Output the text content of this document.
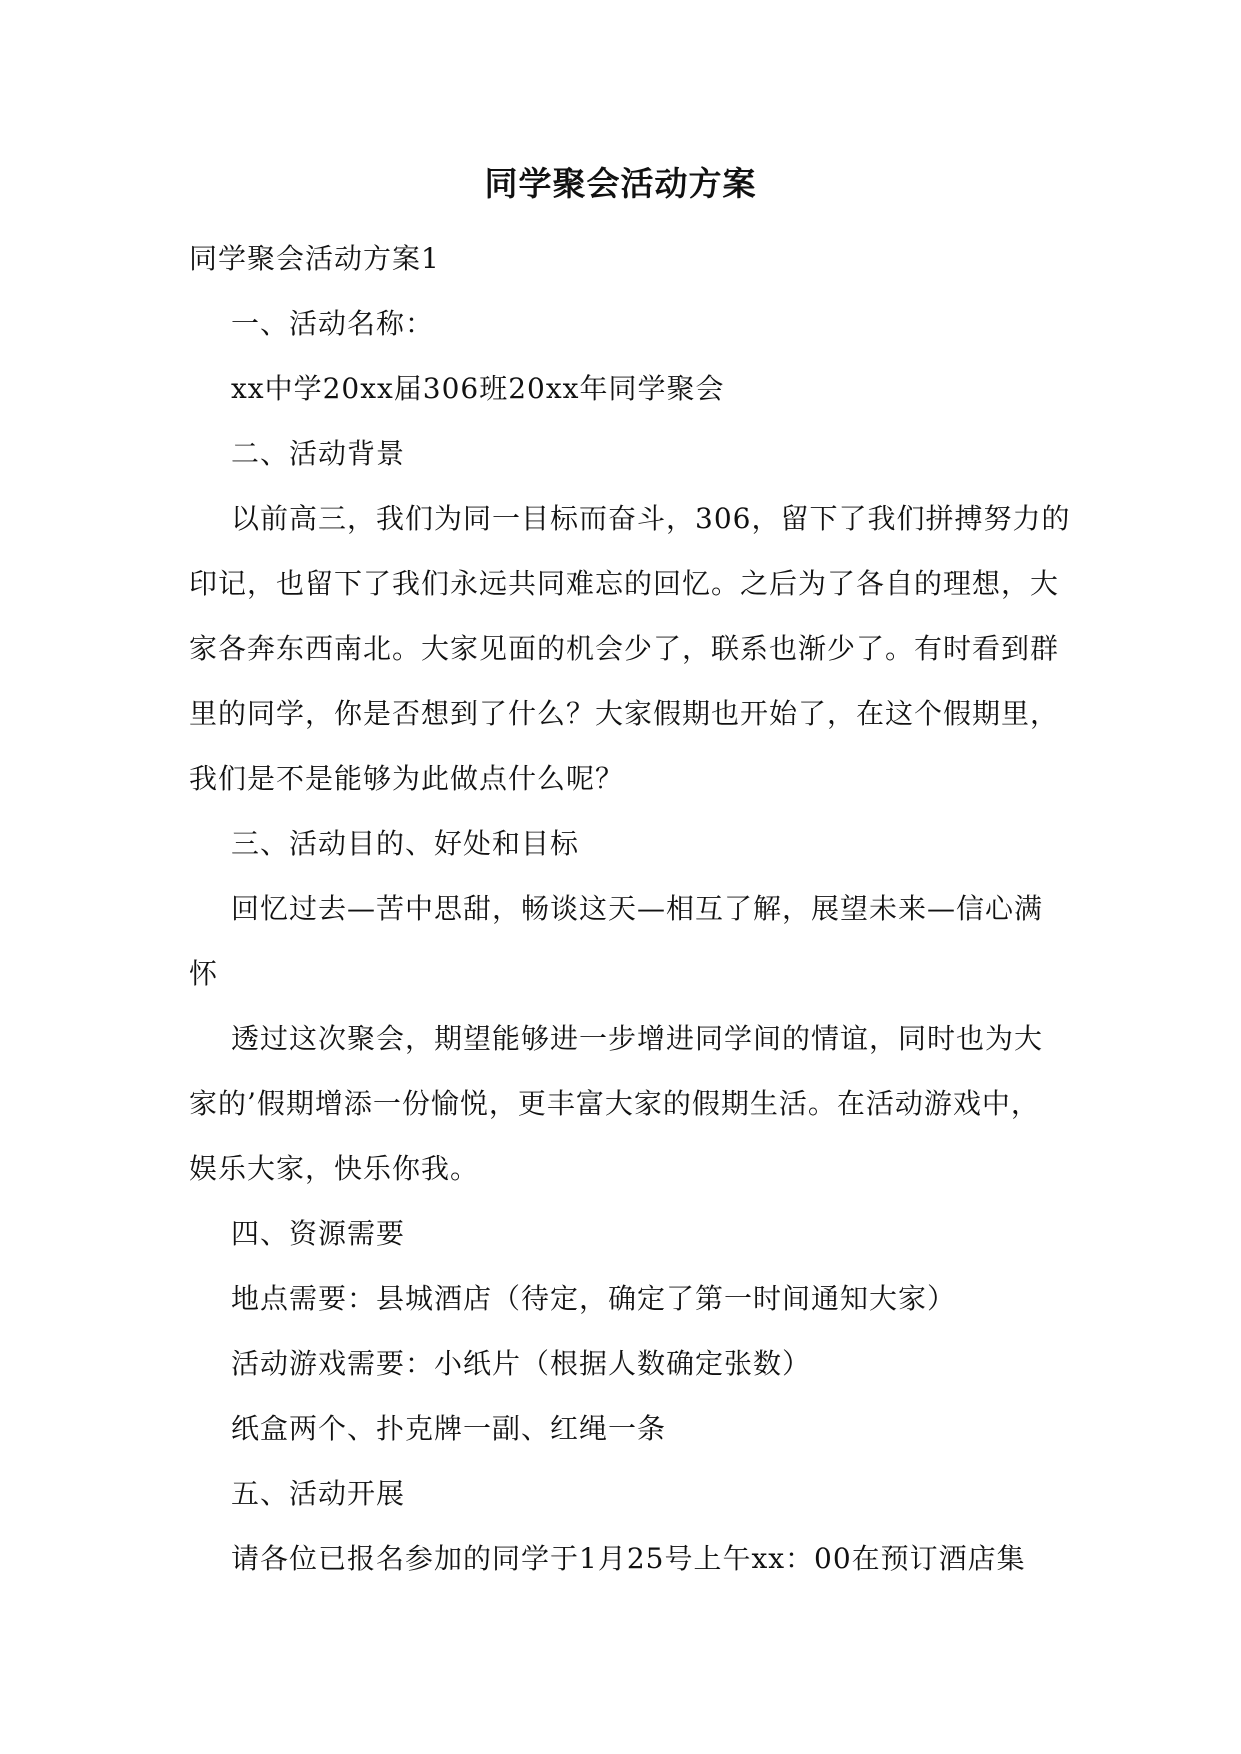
同学聚会活动方案
同学聚会活动方案1
一、活动名称：
xx中学20xx届306班20xx年同学聚会
二、活动背景
以前高三，我们为同一目标而奋斗，306，留下了我们拼搏努力的
印记，也留下了我们永远共同难忘的回忆。之后为了各自的理想，大
家各奔东西南北。大家见面的机会少了，联系也渐少了。有时看到群
里的同学，你是否想到了什么？大家假期也开始了，在这个假期里，
我们是不是能够为此做点什么呢？
三、活动目的、好处和目标
回忆过去—苦中思甜，畅谈这天—相互了解，展望未来—信心满
怀
透过这次聚会，期望能够进一步增进同学间的情谊，同时也为大
家的’假期增添一份愉悦，更丰富大家的假期生活。在活动游戏中，
娱乐大家，快乐你我。
四、资源需要
地点需要：县城酒店（待定，确定了第一时间通知大家）
活动游戏需要：小纸片（根据人数确定张数）
纸盒两个、扑克牌一副、红绳一条
五、活动开展
请各位已报名参加的同学于1月25号上午xx：00在预订酒店集
